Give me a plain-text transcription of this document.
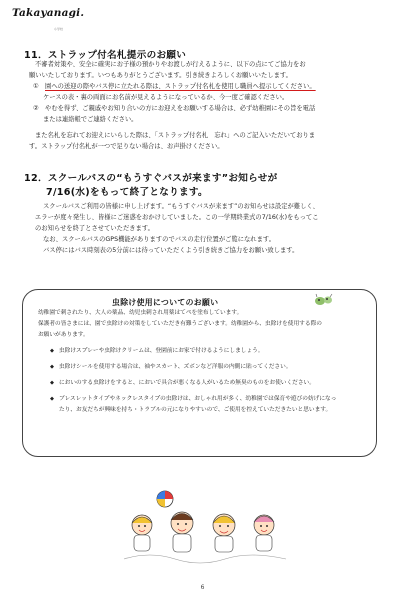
Takayanagi.
小学校
11．ストラップ付名札提示のお願い
不審者対策や、安全に確実にお子様の預かりやお渡しが行えるように、以下の点にてご協力をお
願いいたしております。いつもありがとうございます。引き続きよろしくお願いいたします。
① 園への送迎の際やバス停に立たれる際は、ストラップ付名札を使用し職員へ提示してください。
ケースの表・裏の両面にお名前が見えるようになっているか、今一度ご確認ください。
② やむを得ず、ご親戚やお知り合いの方にお迎えをお願いする場合は、必ず幼稚園にその旨を電話
または連絡帳でご連絡ください。
また名札を忘れてお迎えにいらした際は、「ストラップ付名札　忘れ」へのご記入いただいておりま
す。ストラップ付名札が一つで足りない場合は、お声掛けください。
12．スクールバスの“もうすぐバスが来ます”お知らせが
7/16(水)をもって終了となります。
スクールバスご利用の皆様に申し上げます。“もうすぐバスが来ます”のお知らせは設定が難しく、
エラーが度々発生し、皆様にご迷惑をおかけしていました。この一学期終業式の7/16(水)をもってこ
のお知らせを終了とさせていただきます。
なお、スクールバスのGPS機能がありますのでバスの走行位置がご覧になれます。
バス停にはバス時刻表の5分前には待っていただくよう引き続きご協力をお願い致します。
虫除け使用についてのお願い
幼稚園で刺されたり、大人の薬品、幼児虫刺され用薬はてぺを塗布しています。
保護者の皆さまには、園で虫除けの対策をしていただき有難うございます。幼稚園から、虫除けを使用する際の
お願いがあります。
◆ 虫除けスプレーや虫除けクリームは、登園前にお家で付けるようにしましょう。
◆ 虫除けシールを使用する場合は、袖やスカート、ズボンなど洋服の内側に貼ってください。
◆ においのする虫除けをすると、においで具合が悪くなる人がいるため無臭のものをお使いください。
◆ ブレスレットタイプやネックレスタイプの虫除けは、おしゃれ用が多く、幼稚園では保育や遊びの妨げになっ
たり、お友だちが興味を持ち・トラブルの元になりやすいので、ご使用を控えていただきたいと思います。
6
